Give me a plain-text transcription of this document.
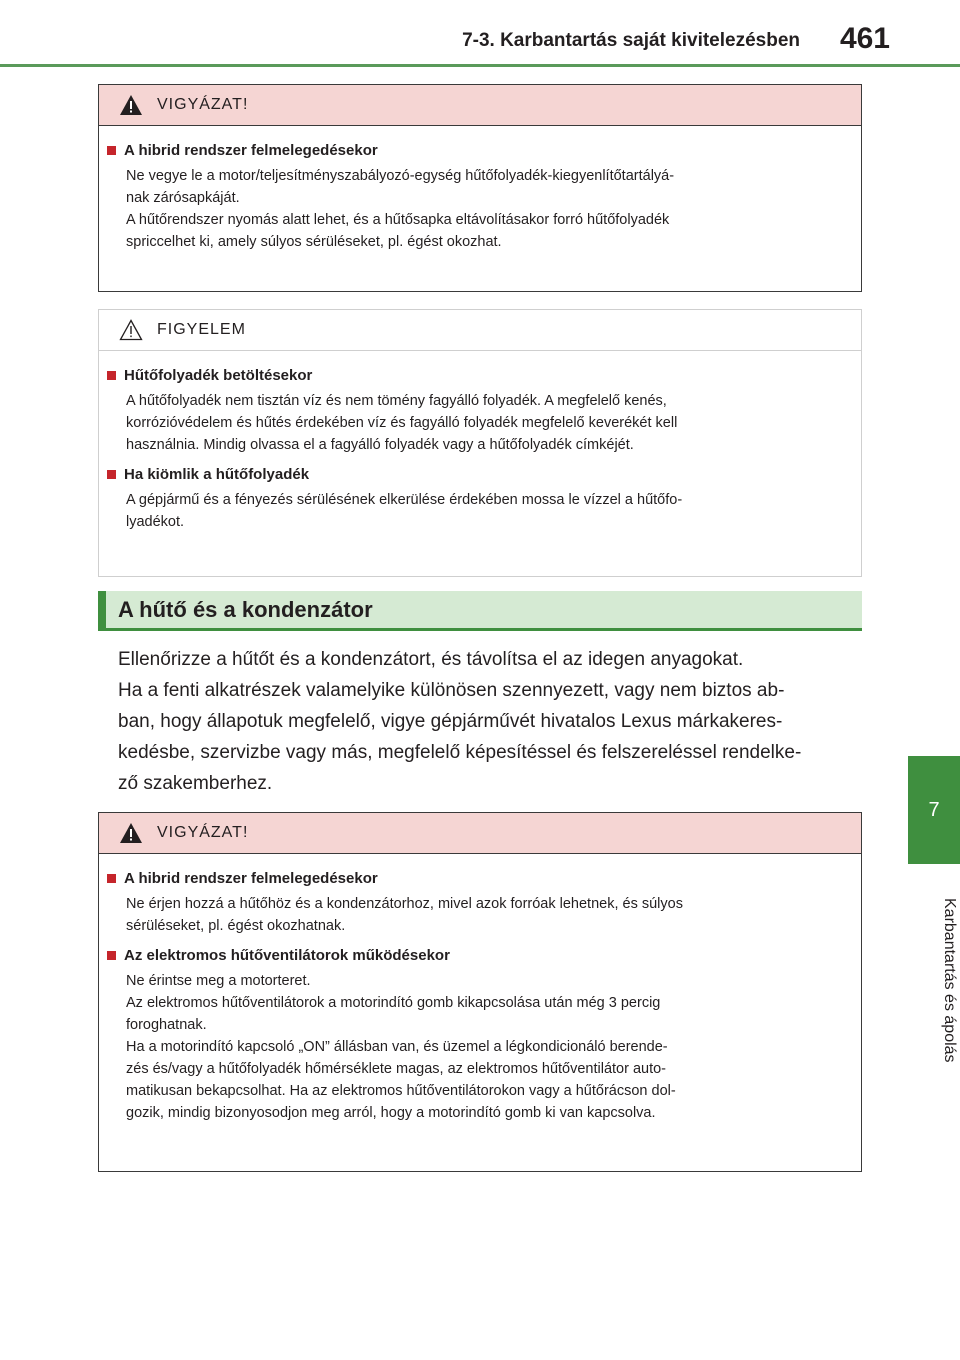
7-3. Karbantartás saját kivitelezésben	461
7
Karbantartás és ápolás
VIGYÁZAT!
A hibrid rendszer felmelegedésekor
Ne vegye le a motor/teljesítményszabályozó-egység hűtőfolyadék-kiegyenlítőtartályá-
nak zárósapkáját.
A hűtőrendszer nyomás alatt lehet, és a hűtősapka eltávolításakor forró hűtőfolyadék
spriccelhet ki, amely súlyos sérüléseket, pl. égést okozhat.
FIGYELEM
Hűtőfolyadék betöltésekor
A hűtőfolyadék nem tisztán víz és nem tömény fagyálló folyadék. A megfelelő kenés,
korrózióvédelem és hűtés érdekében víz és fagyálló folyadék megfelelő keverékét kell
használnia. Mindig olvassa el a fagyálló folyadék vagy a hűtőfolyadék címkéjét.
Ha kiömlik a hűtőfolyadék
A gépjármű és a fényezés sérülésének elkerülése érdekében mossa le vízzel a hűtőfo-
lyadékot.
A hűtő és a kondenzátor
Ellenőrizze a hűtőt és a kondenzátort, és távolítsa el az idegen anyagokat.
Ha a fenti alkatrészek valamelyike különösen szennyezett, vagy nem biztos ab-
ban, hogy állapotuk megfelelő, vigye gépjárművét hivatalos Lexus márkakeres-
kedésbe, szervizbe vagy más, megfelelő képesítéssel és felszereléssel rendelke-
ző szakemberhez.
VIGYÁZAT!
A hibrid rendszer felmelegedésekor
Ne érjen hozzá a hűtőhöz és a kondenzátorhoz, mivel azok forróak lehetnek, és súlyos
sérüléseket, pl. égést okozhatnak.
Az elektromos hűtőventilátorok működésekor
Ne érintse meg a motorteret.
Az elektromos hűtőventilátorok a motorindító gomb kikapcsolása után még 3 percig
foroghatnak.
Ha a motorindító kapcsoló „ON” állásban van, és üzemel a légkondicionáló berende-
zés és/vagy a hűtőfolyadék hőmérséklete magas, az elektromos hűtőventilátor auto-
matikusan bekapcsolhat. Ha az elektromos hűtőventilátorokon vagy a hűtőrácson dol-
gozik, mindig bizonyosodjon meg arról, hogy a motorindító gomb ki van kapcsolva.
